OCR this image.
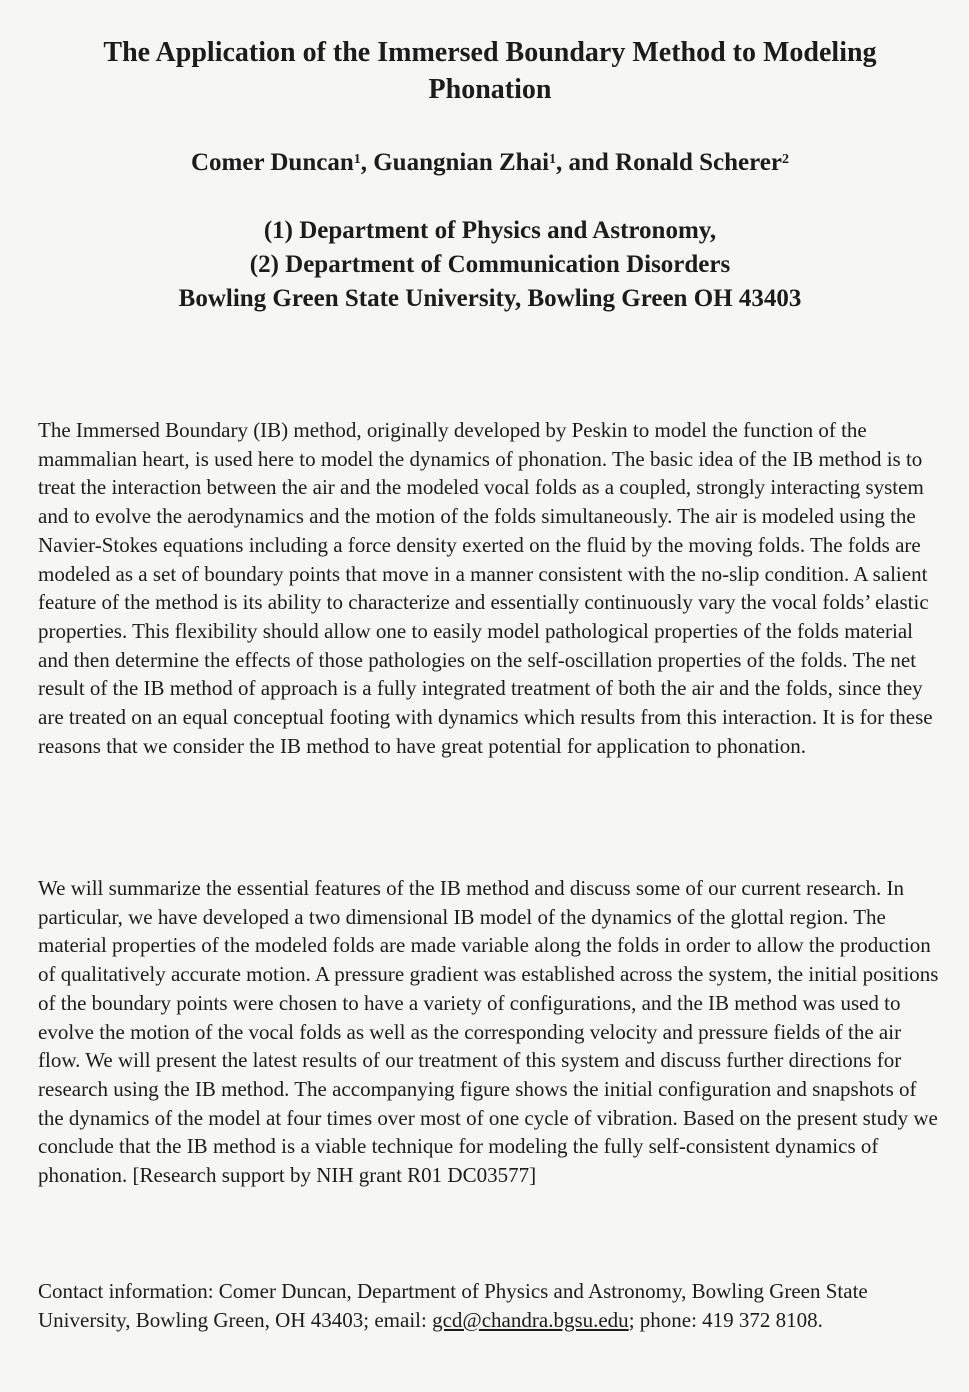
The Application of the Immersed Boundary Method to Modeling Phonation

Comer Duncan$^1$, Guangnian Zhai$^1$, and Ronald Scherer$^2$

(1) Department of Physics and Astronomy,
(2) Department of Communication Disorders
Bowling Green State University, Bowling Green OH 43403

The Immersed Boundary (IB) method, originally developed by Peskin to model the function of the mammalian heart, is used here to model the dynamics of phonation. The basic idea of the IB method is to treat the interaction between the air and the modeled vocal folds as a coupled, strongly interacting system and to evolve the aerodynamics and the motion of the folds simultaneously. The air is modeled using the Navier-Stokes equations including a force density exerted on the fluid by the moving folds. The folds are modeled as a set of boundary points that move in a manner consistent with the no-slip condition. A salient feature of the method is its ability to characterize and essentially continuously vary the vocal folds’ elastic properties. This flexibility should allow one to easily model pathological properties of the folds material and then determine the effects of those pathologies on the self-oscillation properties of the folds. The net result of the IB method of approach is a fully integrated treatment of both the air and the folds, since they are treated on an equal conceptual footing with dynamics which results from this interaction. It is for these reasons that we consider the IB method to have great potential for application to phonation.

We will summarize the essential features of the IB method and discuss some of our current research. In particular, we have developed a two dimensional IB model of the dynamics of the glottal region. The material properties of the modeled folds are made variable along the folds in order to allow the production of qualitatively accurate motion. A pressure gradient was established across the system, the initial positions of the boundary points were chosen to have a variety of configurations, and the IB method was used to evolve the motion of the vocal folds as well as the corresponding velocity and pressure fields of the air flow. We will present the latest results of our treatment of this system and discuss further directions for research using the IB method. The accompanying figure shows the initial configuration and snapshots of the dynamics of the model at four times over most of one cycle of vibration. Based on the present study we conclude that the IB method is a viable technique for modeling the fully self-consistent dynamics of phonation. [Research support by NIH grant R01 DC03577]

Contact information: Comer Duncan, Department of Physics and Astronomy, Bowling Green State University, Bowling Green, OH 43403; email: gcd@chandra.bgsu.edu; phone: 419 372 8108.
